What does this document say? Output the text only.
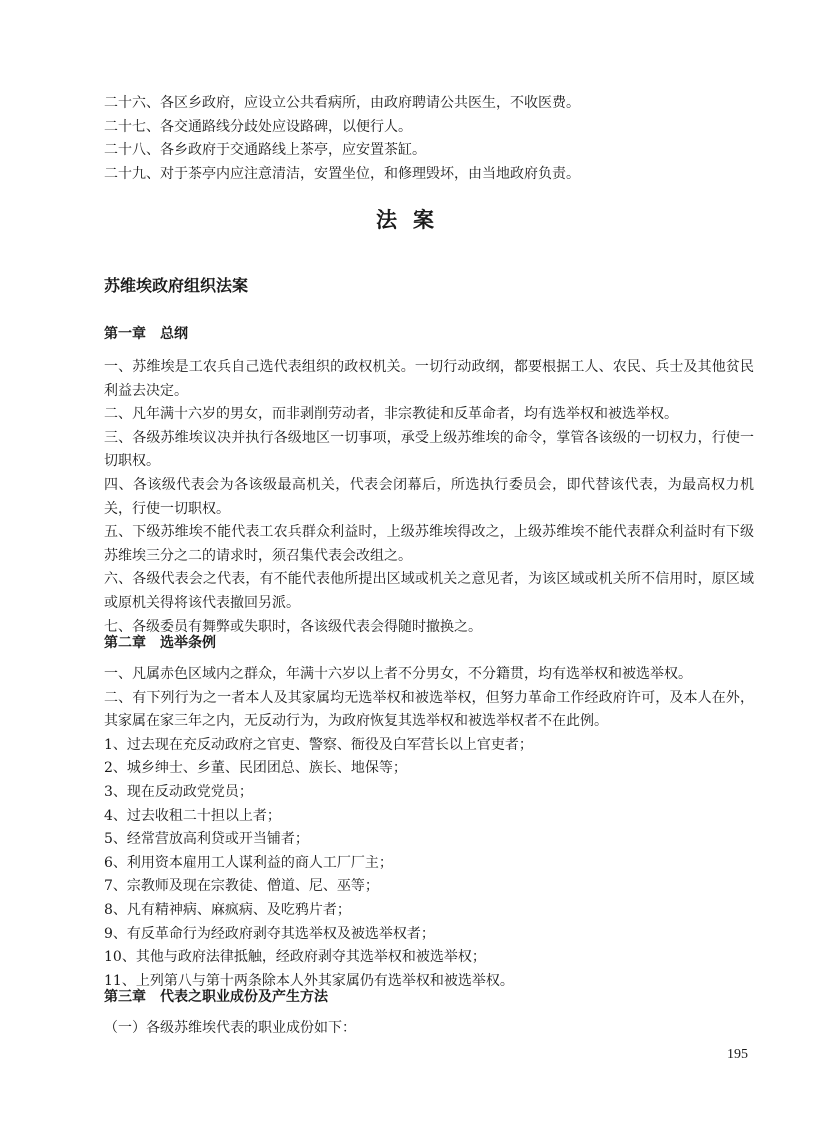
二十六、各区乡政府，应设立公共看病所，由政府聘请公共医生，不收医费。

二十七、各交通路线分歧处应设路碑，以便行人。

二十八、各乡政府于交通路线上茶亭，应安置茶缸。

二十九、对于茶亭内应注意清洁，安置坐位，和修理毁坏，由当地政府负责。

法案
苏维埃政府组织法案
第一章 总纲

一、苏维埃是工农兵自己选代表组织的政权机关。一切行动政纲，都要根据工人、农民、兵士及其他贫民利益去决定。

二、凡年满十六岁的男女，而非剥削劳动者，非宗教徒和反革命者，均有选举权和被选举权。

三、各级苏维埃议决并执行各级地区一切事项，承受上级苏维埃的命令，掌管各该级的一切权力，行使一切职权。

四、各该级代表会为各该级最高机关，代表会闭幕后，所选执行委员会，即代替该代表，为最高权力机关，行使一切职权。

五、下级苏维埃不能代表工农兵群众利益时，上级苏维埃得改之，上级苏维埃不能代表群众利益时有下级苏维埃三分之二的请求时，须召集代表会改组之。

六、各级代表会之代表，有不能代表他所提出区域或机关之意见者，为该区域或机关所不信用时，原区域或原机关得将该代表撤回另派。

七、各级委员有舞弊或失职时，各该级代表会得随时撤换之。

第二章 选举条例

一、凡属赤色区域内之群众，年满十六岁以上者不分男女，不分籍贯，均有选举权和被选举权。

二、有下列行为之一者本人及其家属均无选举权和被选举权，但努力革命工作经政府许可，及本人在外，其家属在家三年之内，无反动行为，为政府恢复其选举权和被选举权者不在此例。

1、过去现在充反动政府之官吏、警察、衙役及白军营长以上官吏者；

2、城乡绅士、乡董、民团团总、族长、地保等；

3、现在反动政党党员；

4、过去收租二十担以上者；

5、经常营放高利贷或开当铺者；

6、利用资本雇用工人谋利益的商人工厂厂主；

7、宗教师及现在宗教徒、僧道、尼、巫等；

8、凡有精神病、麻疯病、及吃鸦片者；

9、有反革命行为经政府剥夺其选举权及被选举权者；

10、其他与政府法律抵触，经政府剥夺其选举权和被选举权；

11、上列第八与第十两条除本人外其家属仍有选举权和被选举权。

第三章 代表之职业成份及产生方法

（一）各级苏维埃代表的职业成份如下：

195
